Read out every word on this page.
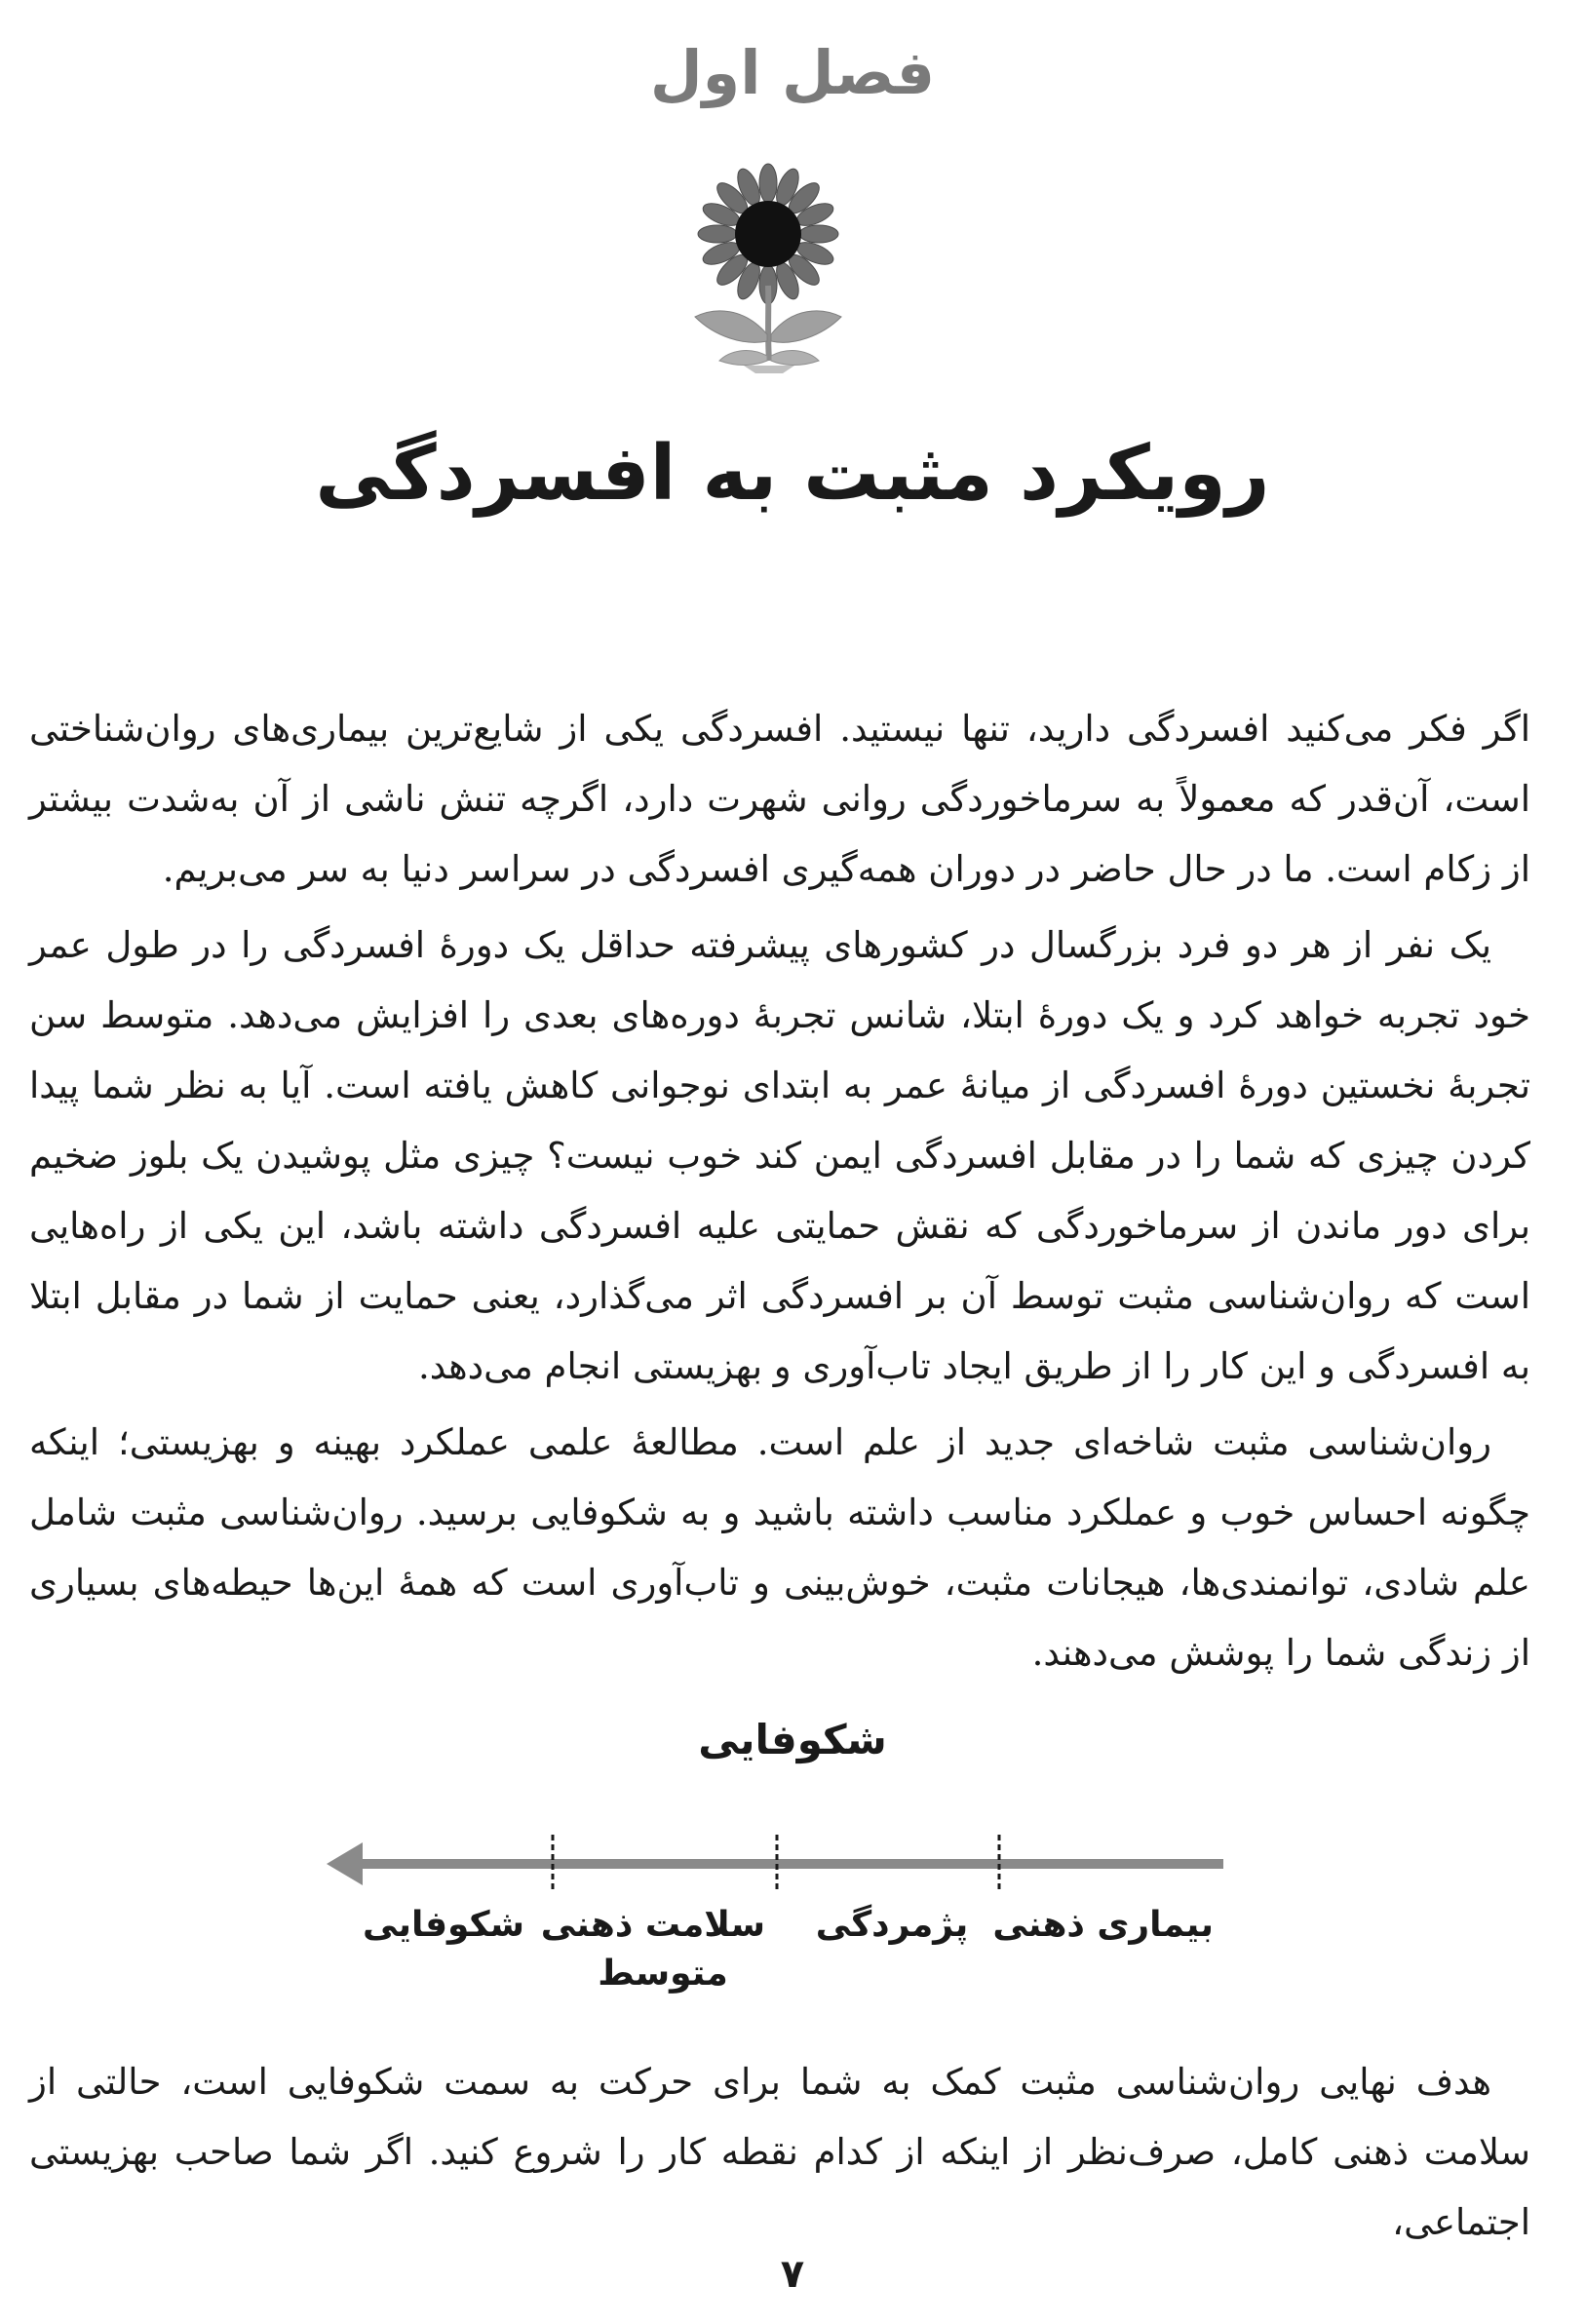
فصل اول
رویکرد مثبت به افسردگی

اگر فکر می‌کنید افسردگی دارید، تنها نیستید. افسردگی یکی از شایع‌ترین بیماری‌های روان‌شناختی است، آن‌قدر که معمولاً به سرماخوردگی روانی شهرت دارد، اگرچه تنش ناشی از آن به‌شدت بیشتر از زکام است. ما در حال حاضر در دوران همه‌گیری افسردگی در سراسر دنیا به سر می‌بریم.

یک نفر از هر دو فرد بزرگسال در کشورهای پیشرفته حداقل یک دورهٔ افسردگی را در طول عمر خود تجربه خواهد کرد و یک دورهٔ ابتلا، شانس تجربهٔ دوره‌های بعدی را افزایش می‌دهد. متوسط سن تجربهٔ نخستین دورهٔ افسردگی از میانهٔ عمر به ابتدای نوجوانی کاهش یافته است. آیا به نظر شما پیدا کردن چیزی که شما را در مقابل افسردگی ایمن کند خوب نیست؟ چیزی مثل پوشیدن یک بلوز ضخیم برای دور ماندن از سرماخوردگی که نقش حمایتی علیه افسردگی داشته باشد، این یکی از راه‌هایی است که روان‌شناسی مثبت توسط آن بر افسردگی اثر می‌گذارد، یعنی حمایت از شما در مقابل ابتلا به افسردگی و این کار را از طریق ایجاد تاب‌آوری و بهزیستی انجام می‌دهد.

روان‌شناسی مثبت شاخه‌ای جدید از علم است. مطالعهٔ علمی عملکرد بهینه و بهزیستی؛ اینکه چگونه احساس خوب و عملکرد مناسب داشته باشید و به شکوفایی برسید. روان‌شناسی مثبت شامل علم شادی، توانمندی‌ها، هیجانات مثبت، خوش‌بینی و تاب‌آوری است که همهٔ این‌ها حیطه‌های بسیاری از زندگی شما را پوشش می‌دهند.

شکوفایی
بیماری ذهنی
پژمردگی
سلامت ذهنی
متوسط
شکوفایی

هدف نهایی روان‌شناسی مثبت کمک به شما برای حرکت به سمت شکوفایی است، حالتی از سلامت ذهنی کامل، صرف‌نظر از اینکه از کدام نقطه کار را شروع کنید. اگر شما صاحب بهزیستی اجتماعی،

۷
